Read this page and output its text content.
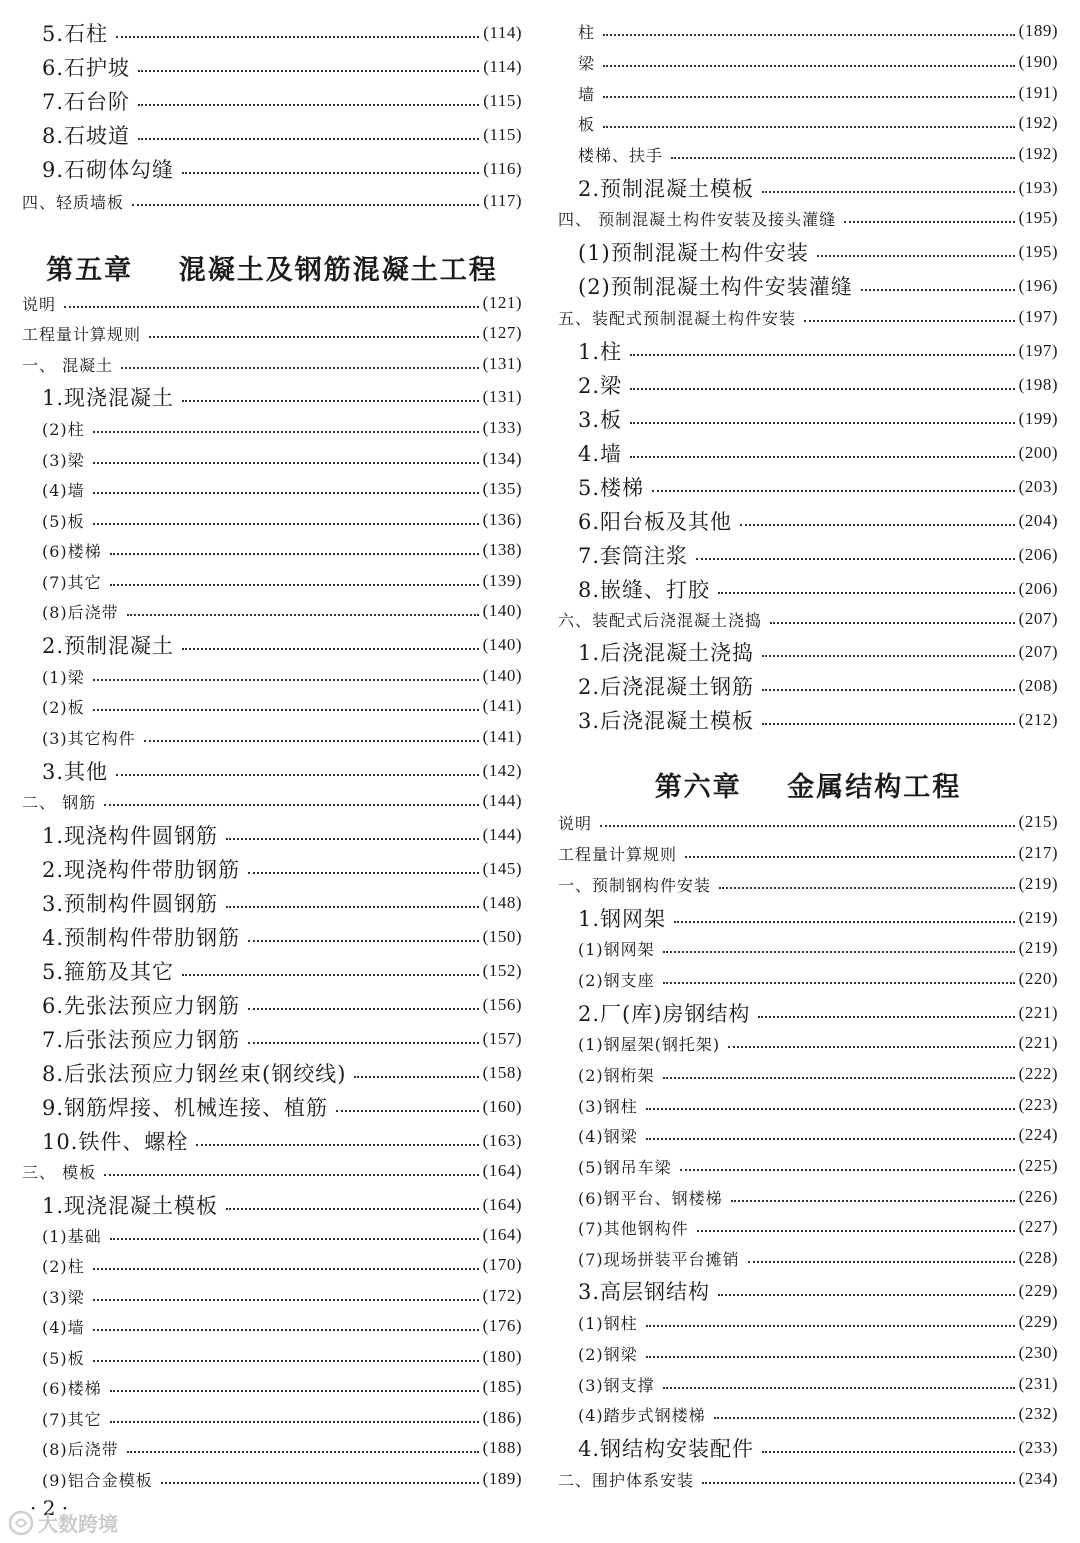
5.石柱	(114)
6.石护坡	(114)
7.石台阶	(115)
8.石坡道	(115)
9.石砌体勾缝	(116)
四、轻质墙板	(117)
第五章    混凝土及钢筋混凝土工程
说明	(121)
工程量计算规则	(127)
一、 混凝土	(131)
1.现浇混凝土	(131)
(2)柱	(133)
(3)梁	(134)
(4)墙	(135)
(5)板	(136)
(6)楼梯	(138)
(7)其它	(139)
(8)后浇带	(140)
2.预制混凝土	(140)
(1)梁	(140)
(2)板	(141)
(3)其它构件	(141)
3.其他	(142)
二、 钢筋	(144)
1.现浇构件圆钢筋	(144)
2.现浇构件带肋钢筋	(145)
3.预制构件圆钢筋	(148)
4.预制构件带肋钢筋	(150)
5.箍筋及其它	(152)
6.先张法预应力钢筋	(156)
7.后张法预应力钢筋	(157)
8.后张法预应力钢丝束(钢绞线)	(158)
9.钢筋焊接、机械连接、植筋	(160)
10.铁件、螺栓	(163)
三、 模板	(164)
1.现浇混凝土模板	(164)
(1)基础	(164)
(2)柱	(170)
(3)梁	(172)
(4)墙	(176)
(5)板	(180)
(6)楼梯	(185)
(7)其它	(186)
(8)后浇带	(188)
(9)铝合金模板	(189)
柱	(189)
梁	(190)
墙	(191)
板	(192)
楼梯、扶手	(192)
2.预制混凝土模板	(193)
四、 预制混凝土构件安装及接头灌缝	(195)
(1)预制混凝土构件安装	(195)
(2)预制混凝土构件安装灌缝	(196)
五、装配式预制混凝土构件安装	(197)
1.柱	(197)
2.梁	(198)
3.板	(199)
4.墙	(200)
5.楼梯	(203)
6.阳台板及其他	(204)
7.套筒注浆	(206)
8.嵌缝、打胶	(206)
六、装配式后浇混凝土浇捣	(207)
1.后浇混凝土浇捣	(207)
2.后浇混凝土钢筋	(208)
3.后浇混凝土模板	(212)
第六章    金属结构工程
说明	(215)
工程量计算规则	(217)
一、预制钢构件安装	(219)
1.钢网架	(219)
(1)钢网架	(219)
(2)钢支座	(220)
2.厂(库)房钢结构	(221)
(1)钢屋架(钢托架)	(221)
(2)钢桁架	(222)
(3)钢柱	(223)
(4)钢梁	(224)
(5)钢吊车梁	(225)
(6)钢平台、钢楼梯	(226)
(7)其他钢构件	(227)
(7)现场拼装平台摊销	(228)
3.高层钢结构	(229)
(1)钢柱	(229)
(2)钢梁	(230)
(3)钢支撑	(231)
(4)踏步式钢楼梯	(232)
4.钢结构安装配件	(233)
二、围护体系安装	(234)
· 2 ·
大数跨境
